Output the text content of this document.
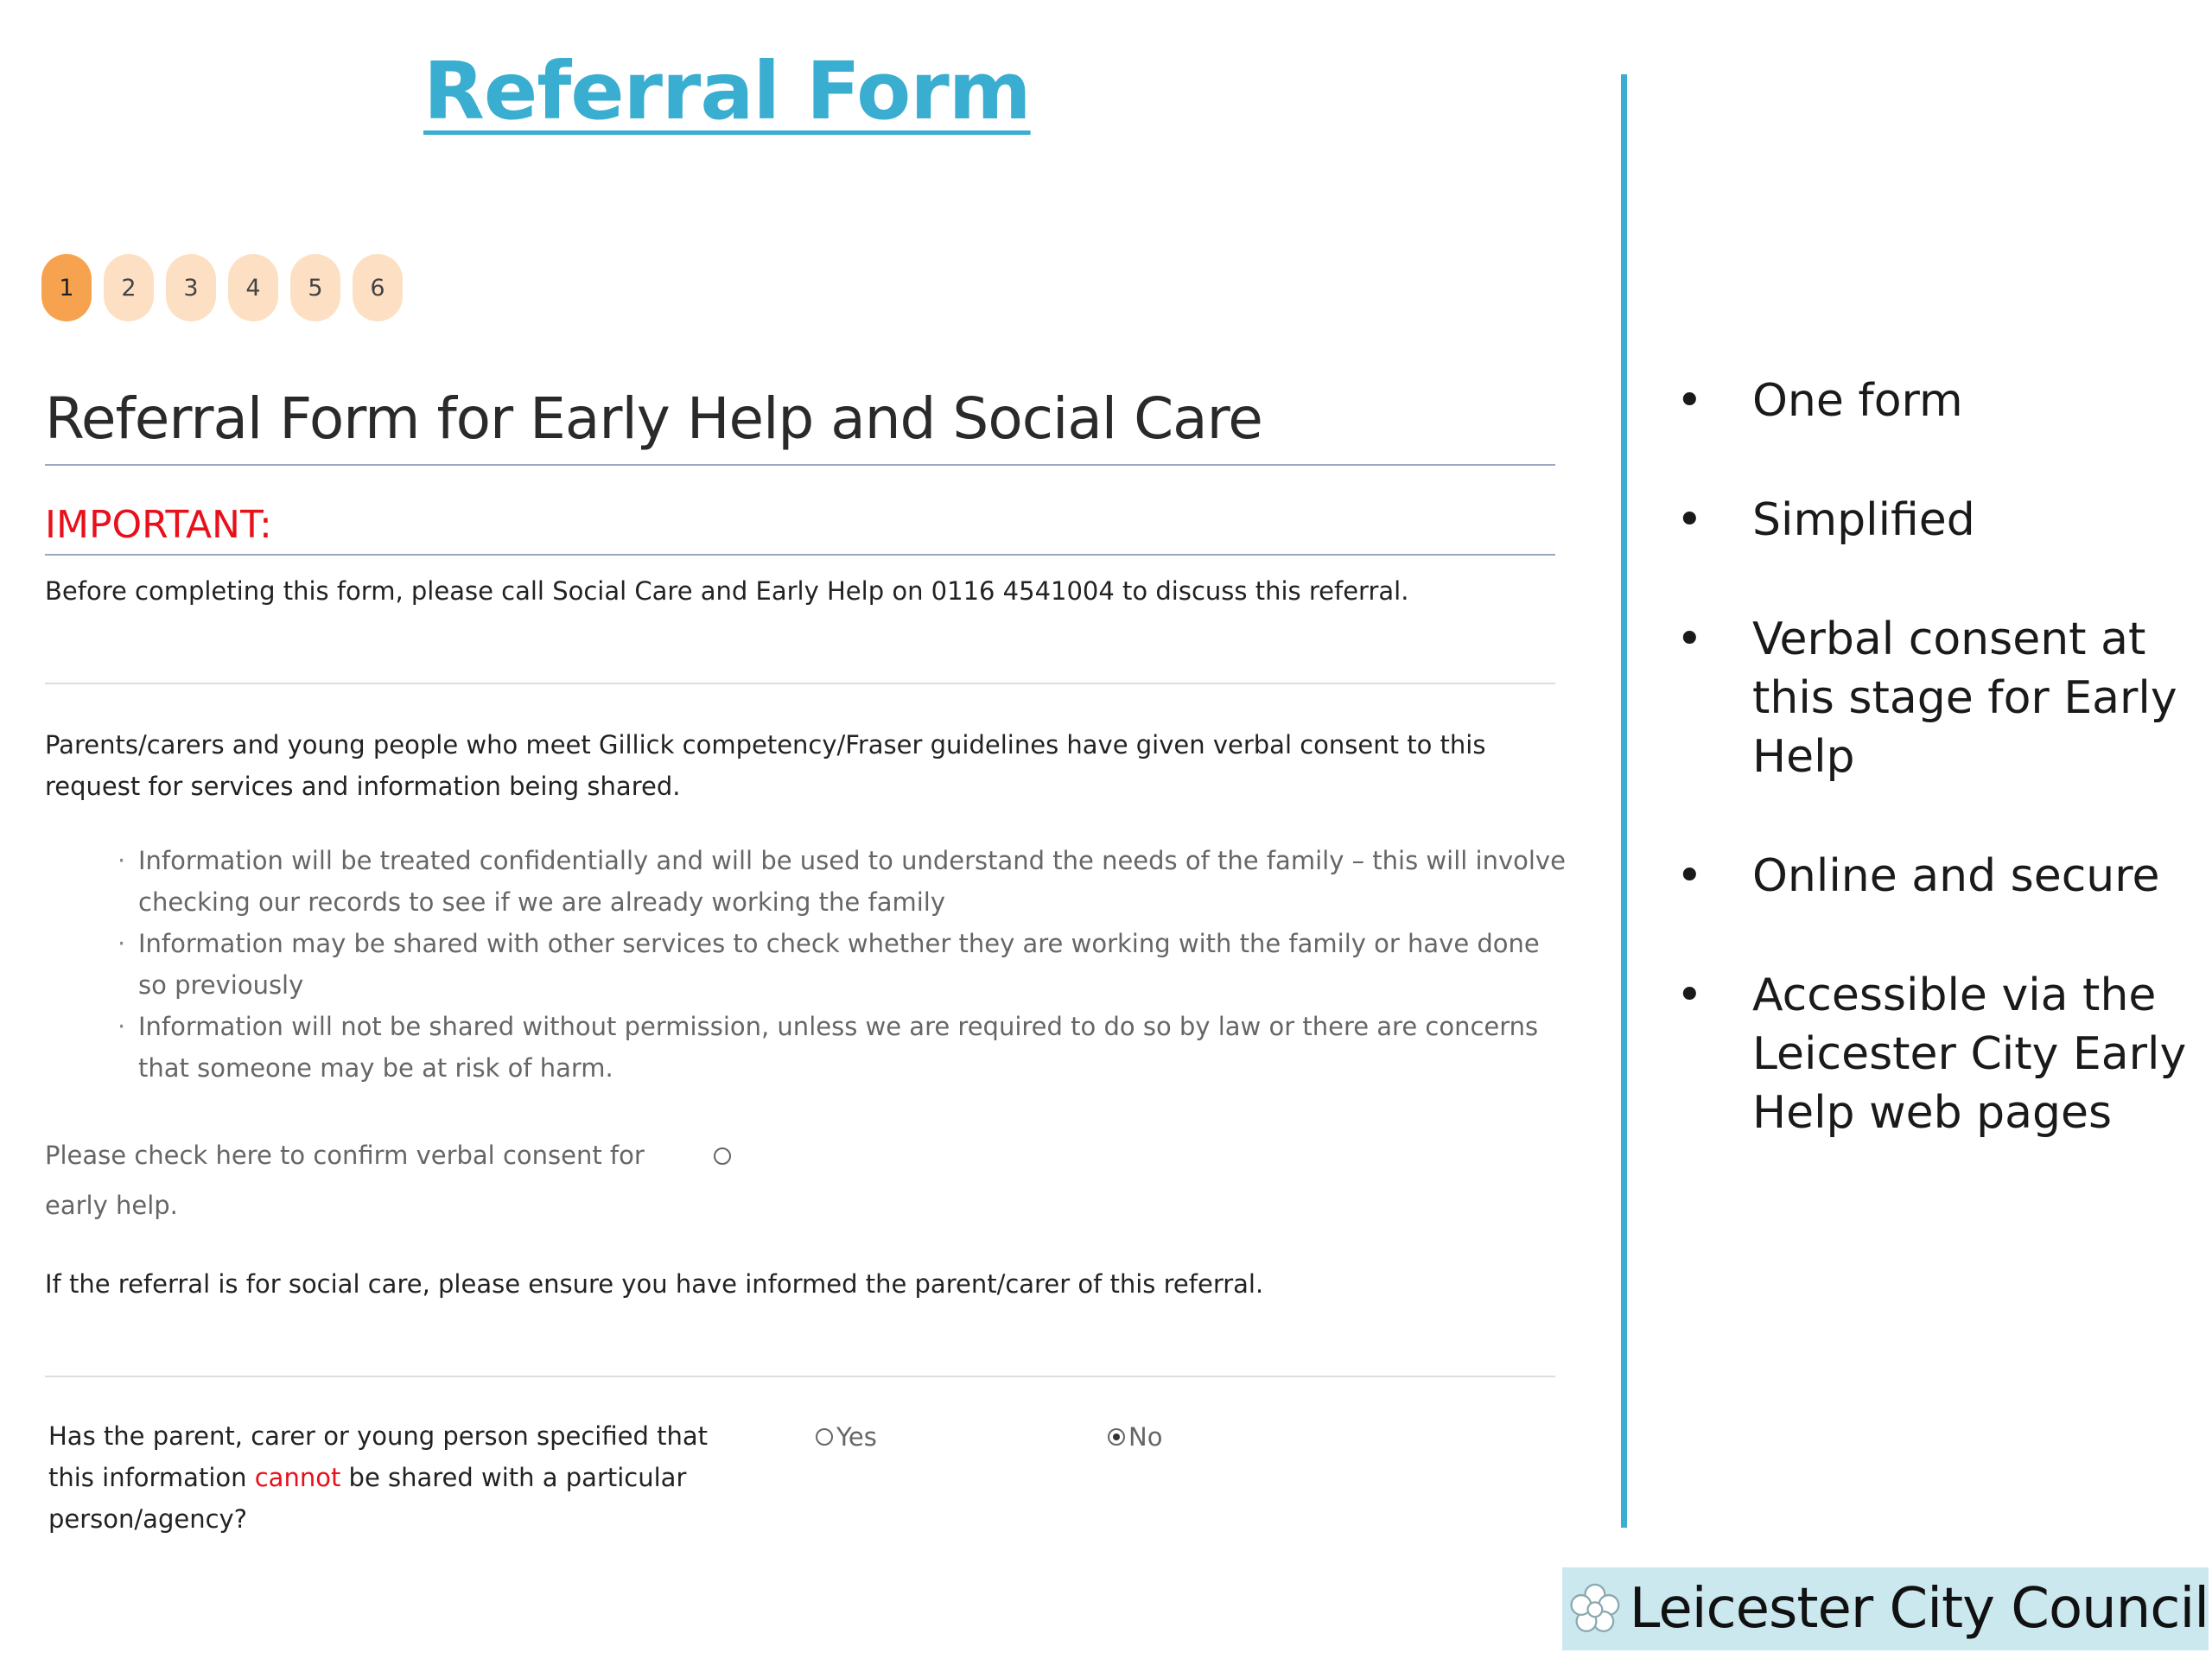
Referral Form
1	2	3	4	5	6
Referral Form for Early Help and Social Care
IMPORTANT:
Before completing this form, please call Social Care and Early Help on 0116 4541004 to discuss this referral.
Parents/carers and young people who meet Gillick competency/Fraser guidelines have given verbal consent to this request for services and information being shared.
· Information will be treated confidentially and will be used to understand the needs of the family – this will involve checking our records to see if we are already working the family
· Information may be shared with other services to check whether they are working with the family or have done so previously
· Information will not be shared without permission, unless we are required to do so by law or there are concerns that someone may be at risk of harm.
Please check here to confirm verbal consent for early help.
If the referral is for social care, please ensure you have informed the parent/carer of this referral.
Has the parent, carer or young person specified that this information cannot be shared with a particular person/agency?
Yes	No
• One form
• Simplified
• Verbal consent at this stage for Early Help
• Online and secure
• Accessible via the Leicester City Early Help web pages
Leicester City Council
